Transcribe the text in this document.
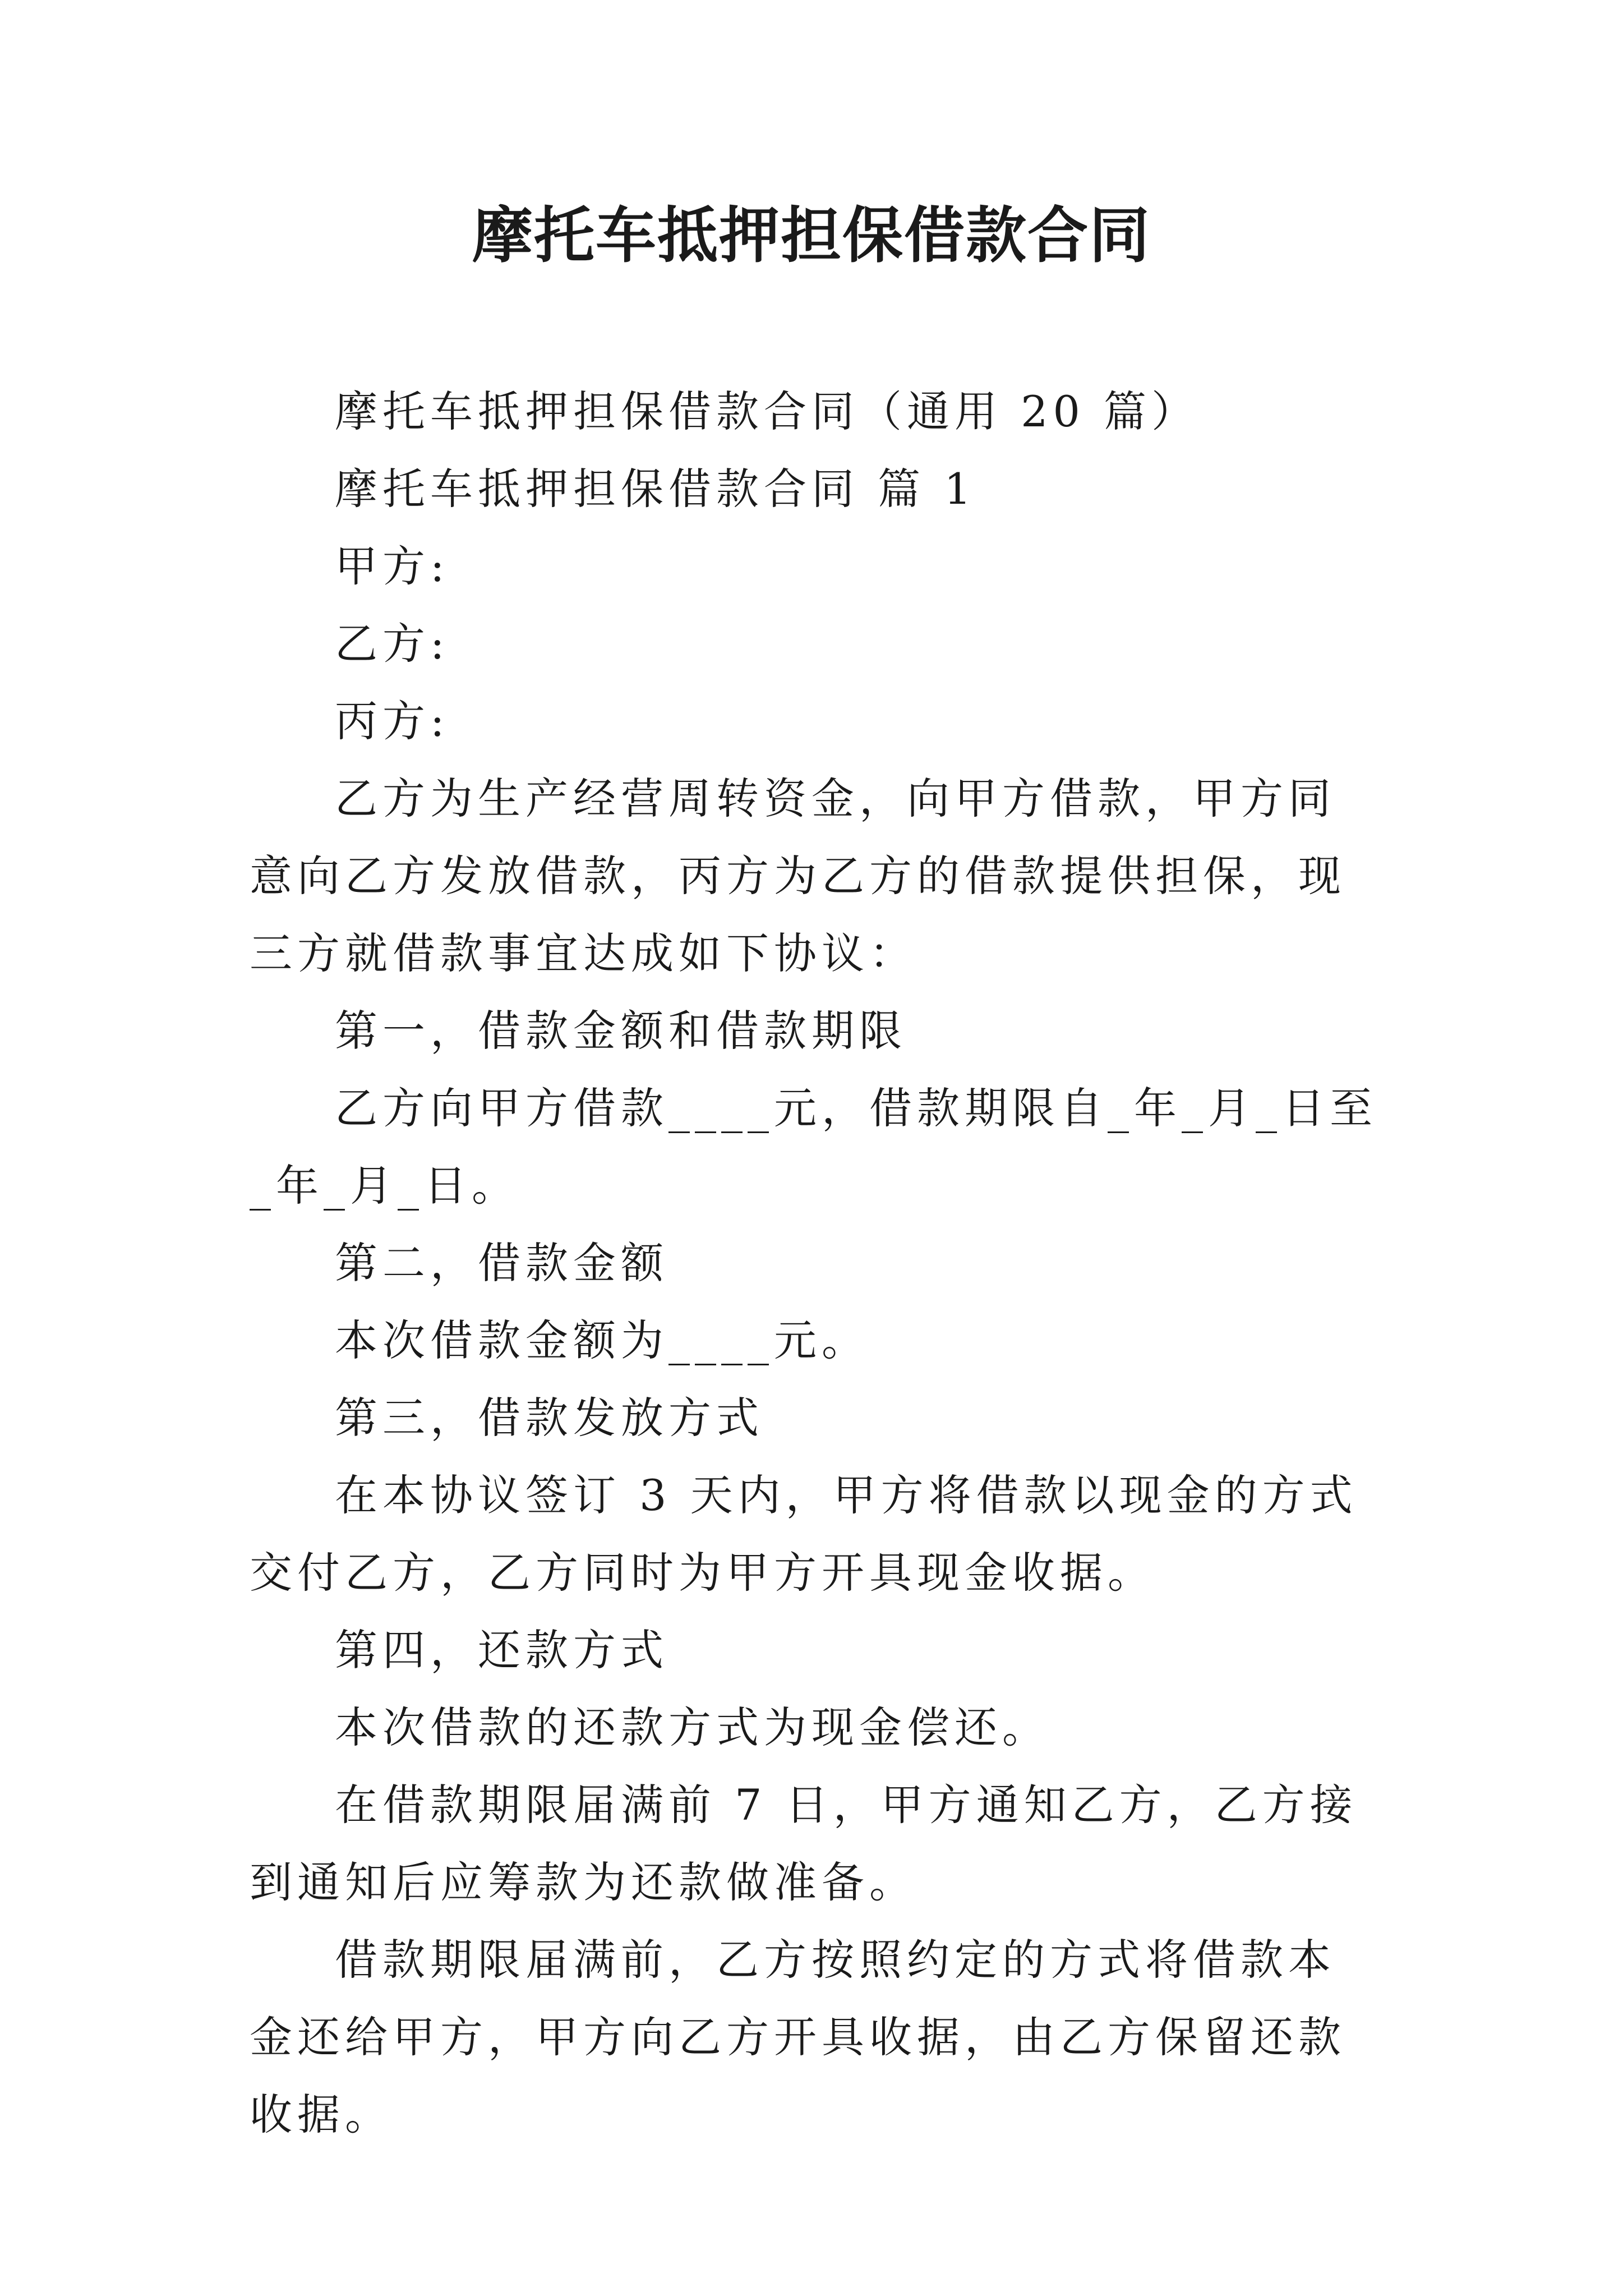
摩托车抵押担保借款合同

摩托车抵押担保借款合同（通用 20 篇）

摩托车抵押担保借款合同 篇 1

甲方:

乙方:

丙方:

乙方为生产经营周转资金，向甲方借款，甲方同意向乙方发放借款，丙方为乙方的借款提供担保，现三方就借款事宜达成如下协议：

第一，借款金额和借款期限

乙方向甲方借款____元，借款期限自_年_月_日至_年_月_日。

第二，借款金额

本次借款金额为____元。

第三，借款发放方式

在本协议签订 3 天内，甲方将借款以现金的方式交付乙方，乙方同时为甲方开具现金收据。

第四，还款方式

本次借款的还款方式为现金偿还。

在借款期限届满前 7 日，甲方通知乙方，乙方接到通知后应筹款为还款做准备。

借款期限届满前，乙方按照约定的方式将借款本金还给甲方，甲方向乙方开具收据，由乙方保留还款收据。
